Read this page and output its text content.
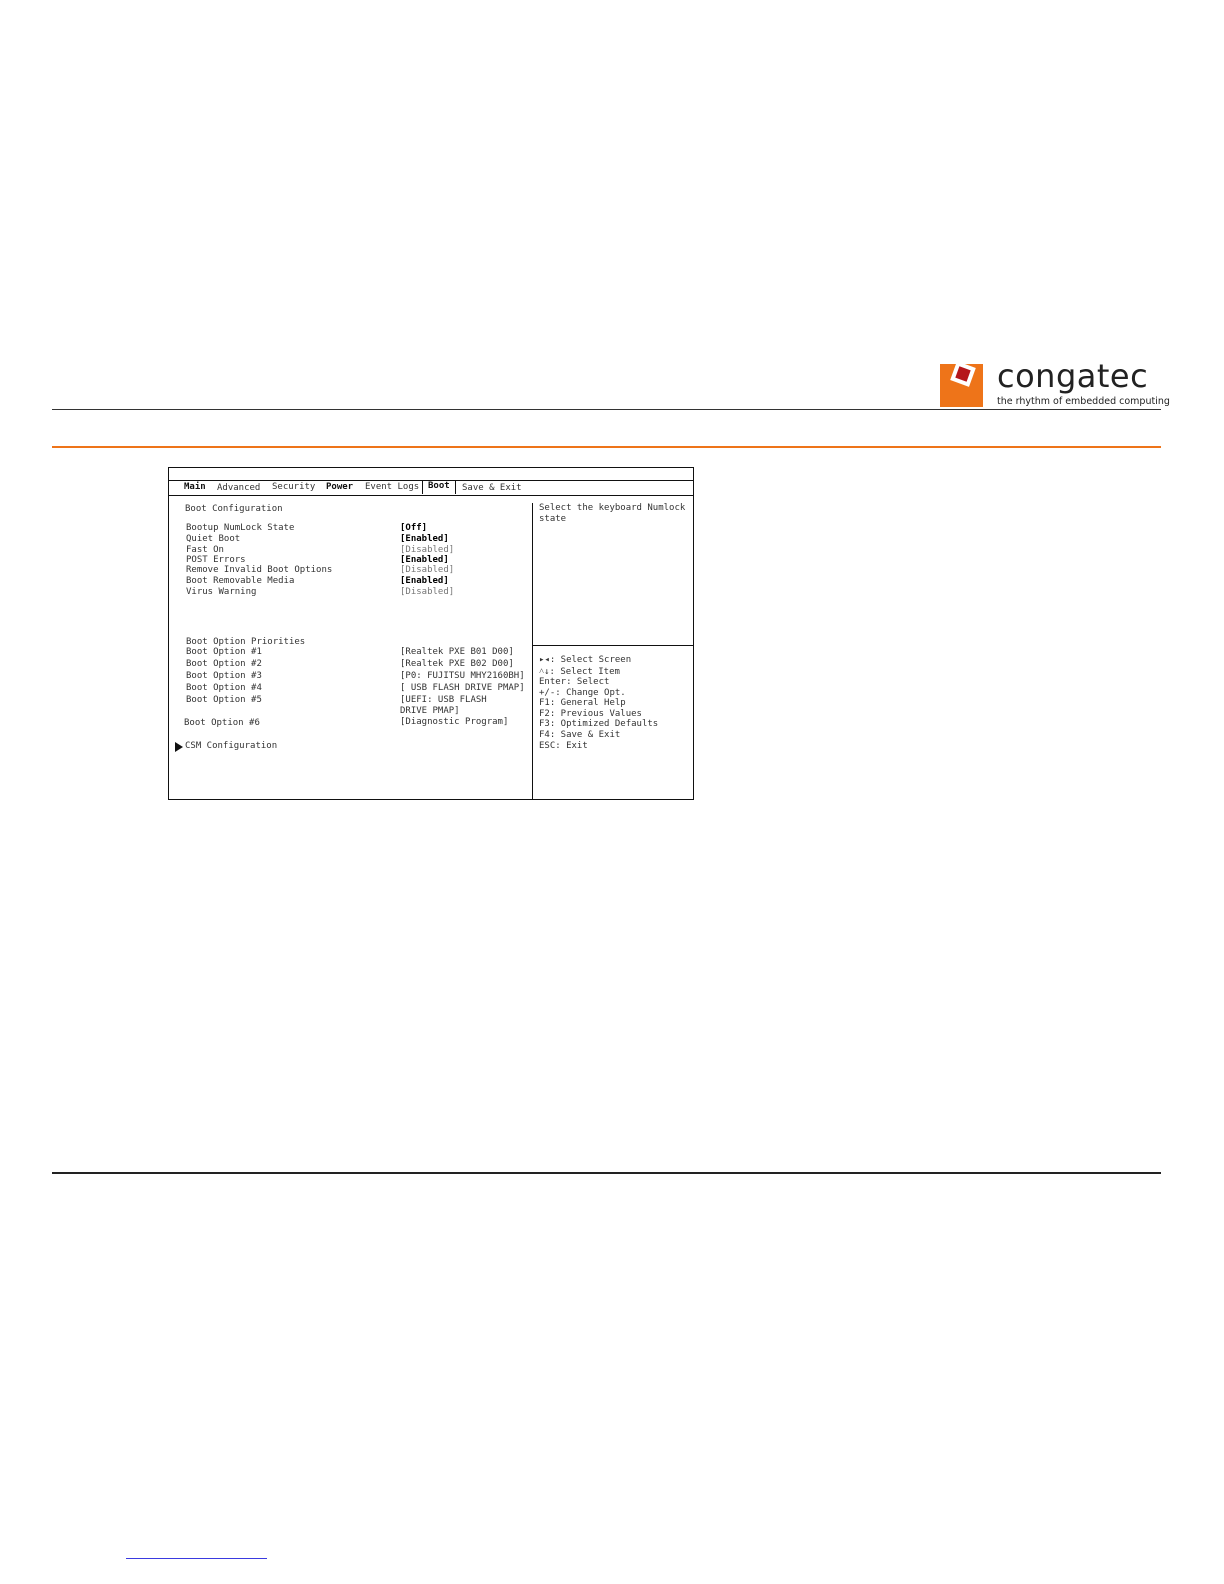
congatec
the rhythm of embedded computing
Main Advanced Security Power Event Logs Boot	Save & Exit
Boot Configuration
Bootup NumLock State	[Off]
Quiet Boot	[Enabled]
Fast On	[Disabled]
POST Errors	[Enabled]
Remove Invalid Boot Options	[Disabled]
Boot Removable Media	[Enabled]
Virus Warning	[Disabled]
Boot Option Priorities
Boot Option #1	[Realtek PXE B01 D00]
Boot Option #2	[Realtek PXE B02 D00]
Boot Option #3	[P0: FUJITSU MHY2160BH]
Boot Option #4	[ USB FLASH DRIVE PMAP]
Boot Option #5	[UEFI: USB FLASH
DRIVE PMAP]
Boot Option #6	[Diagnostic Program]
CSM Configuration
Select the keyboard Numlock state
▸◂: Select Screen
˄↓: Select Item
Enter: Select
+/-: Change Opt.
F1: General Help
F2: Previous Values
F3: Optimized Defaults
F4: Save & Exit
ESC: Exit
